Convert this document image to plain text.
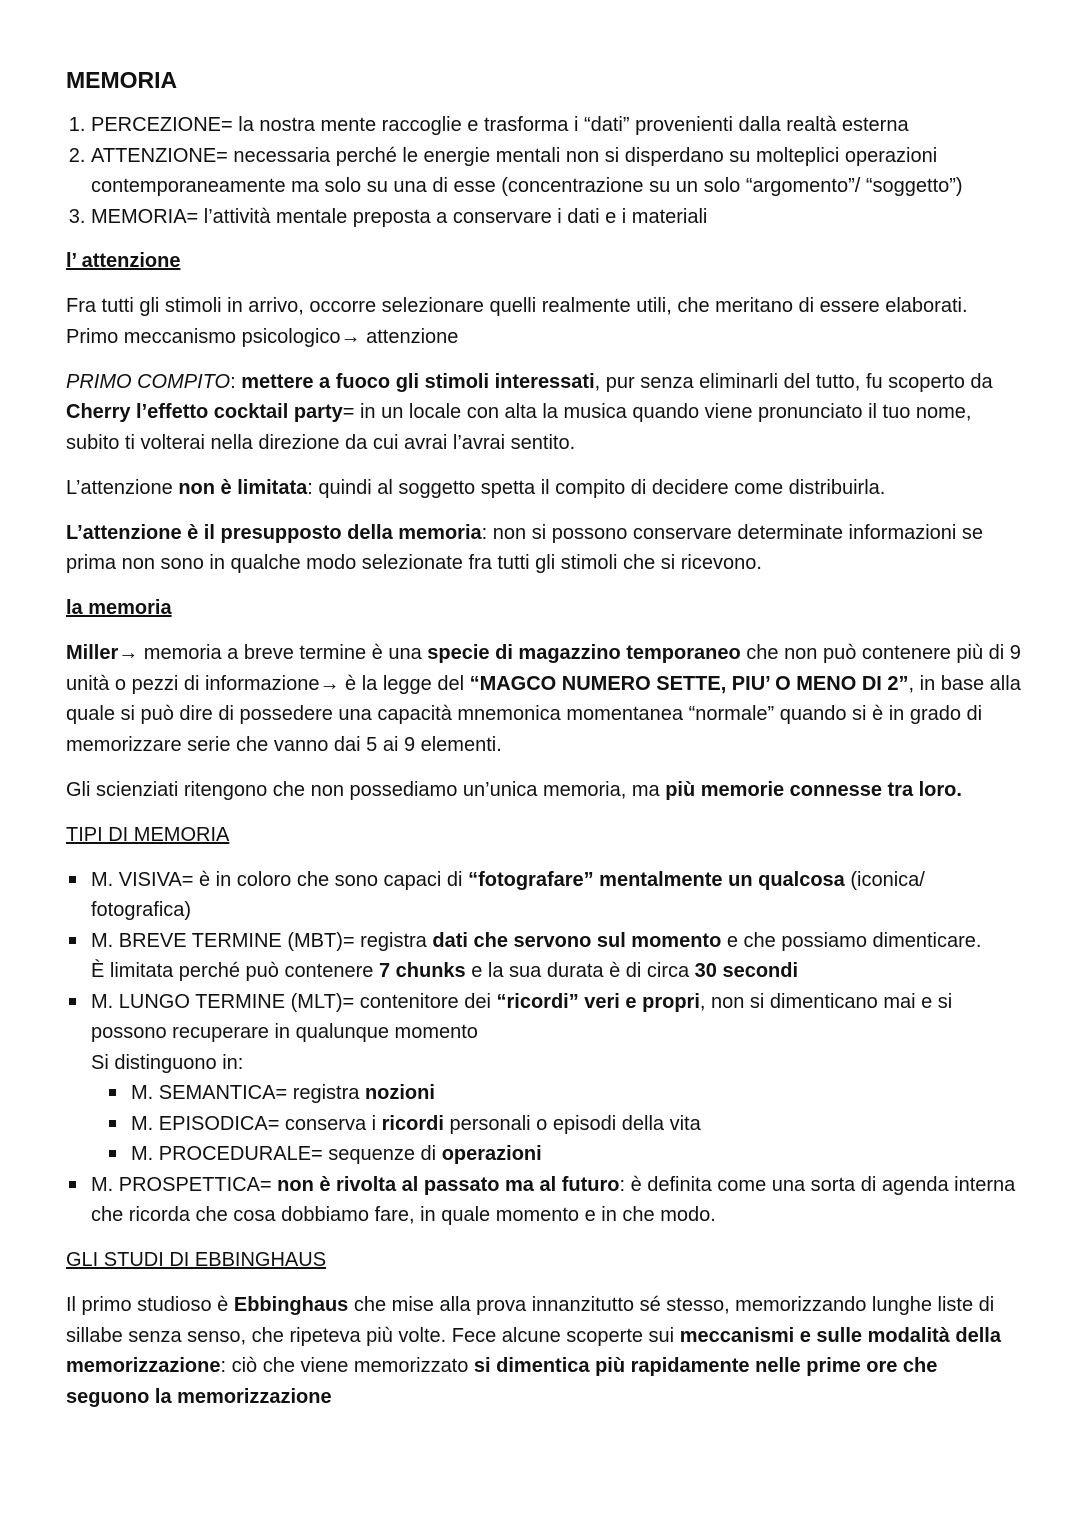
MEMORIA
1. PERCEZIONE= la nostra mente raccoglie e trasforma i “dati” provenienti dalla realtà esterna
2. ATTENZIONE= necessaria perché le energie mentali non si disperdano su molteplici operazioni contemporaneamente ma solo su una di esse (concentrazione su un solo “argomento”/ “soggetto”)
3. MEMORIA= l’attività mentale preposta a conservare i dati e i materiali
l’ attenzione

Fra tutti gli stimoli in arrivo, occorre selezionare quelli realmente utili, che meritano di essere elaborati. Primo meccanismo psicologico→ attenzione

PRIMO COMPITO: mettere a fuoco gli stimoli interessati, pur senza eliminarli del tutto, fu scoperto da Cherry l’effetto cocktail party= in un locale con alta la musica quando viene pronunciato il tuo nome, subito ti volterai nella direzione da cui avrai l’avrai sentito.

L’attenzione non è limitata: quindi al soggetto spetta il compito di decidere come distribuirla.

L’attenzione è il presupposto della memoria: non si possono conservare determinate informazioni se prima non sono in qualche modo selezionate fra tutti gli stimoli che si ricevono.

la memoria

Miller→ memoria a breve termine è una specie di magazzino temporaneo che non può contenere più di 9 unità o pezzi di informazione→ è la legge del “MAGCO NUMERO SETTE, PIU’ O MENO DI 2”, in base alla quale si può dire di possedere una capacità mnemonica momentanea “normale” quando si è in grado di memorizzare serie che vanno dai 5 ai 9 elementi.

Gli scienziati ritengono che non possediamo un’unica memoria, ma più memorie connesse tra loro.

TIPI DI MEMORIA
M. VISIVA= è in coloro che sono capaci di “fotografare” mentalmente un qualcosa (iconica/ fotografica)
M. BREVE TERMINE (MBT)= registra dati che servono sul momento e che possiamo dimenticare.
È limitata perché può contenere 7 chunks e la sua durata è di circa 30 secondi
M. LUNGO TERMINE (MLT)= contenitore dei “ricordi” veri e propri, non si dimenticano mai e si possono recuperare in qualunque momento
Si distinguono in:
M. SEMANTICA= registra nozioni
M. EPISODICA= conserva i ricordi personali o episodi della vita
M. PROCEDURALE= sequenze di operazioni
M. PROSPETTICA= non è rivolta al passato ma al futuro: è definita come una sorta di agenda interna che ricorda che cosa dobbiamo fare, in quale momento e in che modo.
GLI STUDI DI EBBINGHAUS

Il primo studioso è Ebbinghaus che mise alla prova innanzitutto sé stesso, memorizzando lunghe liste di sillabe senza senso, che ripeteva più volte. Fece alcune scoperte sui meccanismi e sulle modalità della memorizzazione: ciò che viene memorizzato si dimentica più rapidamente nelle prime ore che seguono la memorizzazione
